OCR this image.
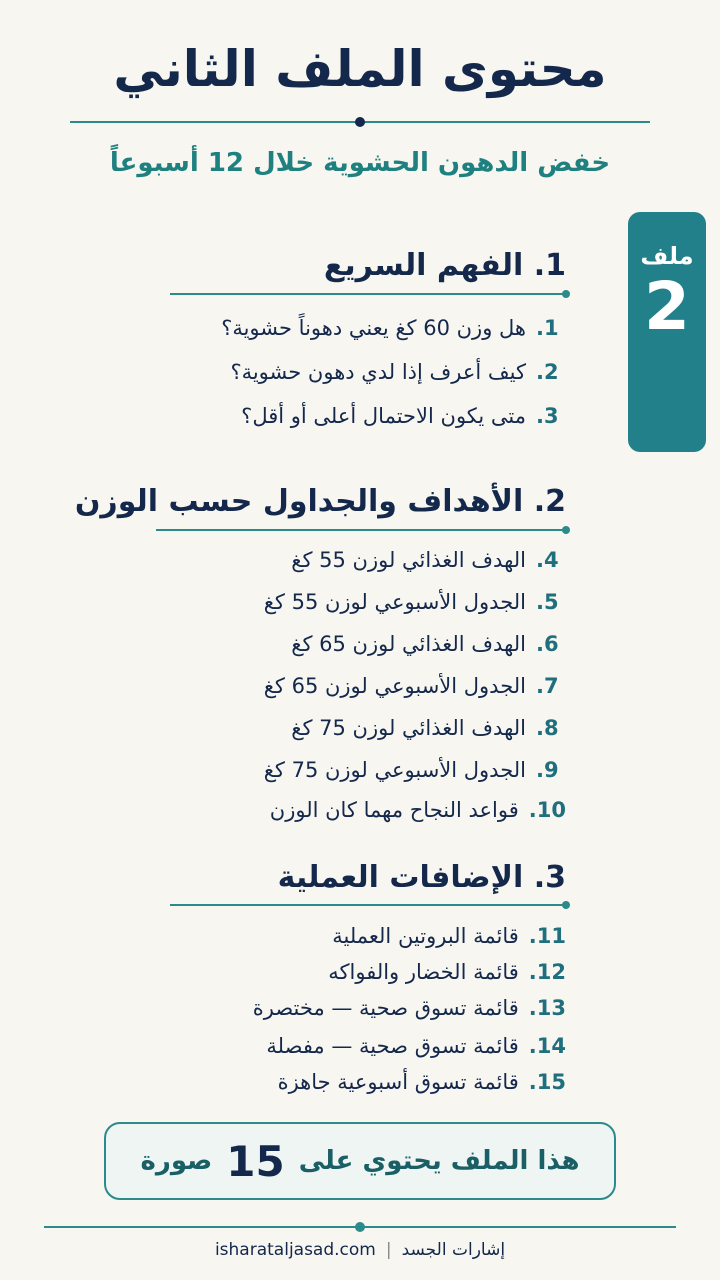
محتوى الملف الثاني
خفض الدهون الحشوية خلال 12 أسبوعاً
ملف
2
1. الفهم السريع
1.
هل وزن 60 كغ يعني دهوناً حشوية؟
2.
كيف أعرف إذا لدي دهون حشوية؟
3.
متى يكون الاحتمال أعلى أو أقل؟
2. الأهداف والجداول حسب الوزن
4.
الهدف الغذائي لوزن 55 كغ
5.
الجدول الأسبوعي لوزن 55 كغ
6.
الهدف الغذائي لوزن 65 كغ
7.
الجدول الأسبوعي لوزن 65 كغ
8.
الهدف الغذائي لوزن 75 كغ
9.
الجدول الأسبوعي لوزن 75 كغ
10.
قواعد النجاح مهما كان الوزن
3. الإضافات العملية
11.
قائمة البروتين العملية
12.
قائمة الخضار والفواكه
13.
قائمة تسوق صحية — مختصرة
14.
قائمة تسوق صحية — مفصلة
15.
قائمة تسوق أسبوعية جاهزة
هذا الملف يحتوي على
15
صورة
إشارات الجسد
|
isharataljasad.com
